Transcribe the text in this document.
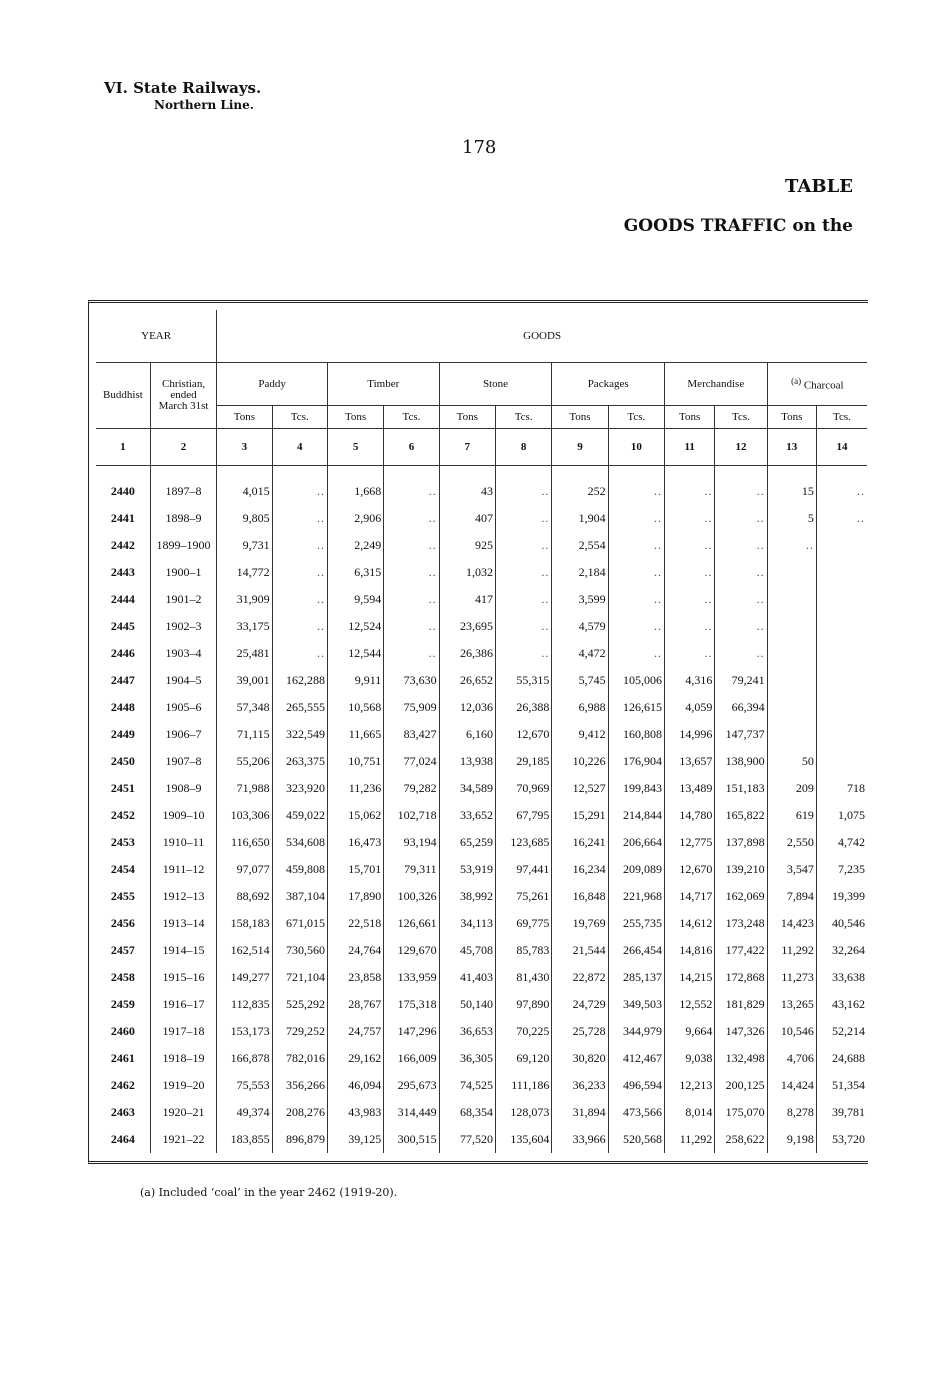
VI. State Railways.
Northern Line.
178
TABLE
GOODS TRAFFIC on the
YEAR		GOODS											
Buddhist	Christian, ended March 31st	Paddy		Timber		Stone		Packages		Merchandise		$^{(a)}$ Charcoal	
		Tons	Tcs.	Tons	Tcs.	Tons	Tcs.	Tons	Tcs.	Tons	Tcs.	Tons	Tcs.
1	2	3	4	5	6	7	8	9	10	11	12	13	14

2440	1897–8	4,015	..	1,668	..	43	..	252	..	..	..	15	..
2441	1898–9	9,805	..	2,906	..	407	..	1,904	..	..	..	5	..
2442	1899–1900	9,731	..	2,249	..	925	..	2,554	..	..	..	..	
2443	1900–1	14,772	..	6,315	..	1,032	..	2,184	..	..	..		
2444	1901–2	31,909	..	9,594	..	417	..	3,599	..	..	..		
2445	1902–3	33,175	..	12,524	..	23,695	..	4,579	..	..	..		
2446	1903–4	25,481	..	12,544	..	26,386	..	4,472	..	..	..		
2447	1904–5	39,001	162,288	9,911	73,630	26,652	55,315	5,745	105,006	4,316	79,241		
2448	1905–6	57,348	265,555	10,568	75,909	12,036	26,388	6,988	126,615	4,059	66,394		
2449	1906–7	71,115	322,549	11,665	83,427	6,160	12,670	9,412	160,808	14,996	147,737		
2450	1907–8	55,206	263,375	10,751	77,024	13,938	29,185	10,226	176,904	13,657	138,900	50	
2451	1908–9	71,988	323,920	11,236	79,282	34,589	70,969	12,527	199,843	13,489	151,183	209	718
2452	1909–10	103,306	459,022	15,062	102,718	33,652	67,795	15,291	214,844	14,780	165,822	619	1,075
2453	1910–11	116,650	534,608	16,473	93,194	65,259	123,685	16,241	206,664	12,775	137,898	2,550	4,742
2454	1911–12	97,077	459,808	15,701	79,311	53,919	97,441	16,234	209,089	12,670	139,210	3,547	7,235
2455	1912–13	88,692	387,104	17,890	100,326	38,992	75,261	16,848	221,968	14,717	162,069	7,894	19,399
2456	1913–14	158,183	671,015	22,518	126,661	34,113	69,775	19,769	255,735	14,612	173,248	14,423	40,546
2457	1914–15	162,514	730,560	24,764	129,670	45,708	85,783	21,544	266,454	14,816	177,422	11,292	32,264
2458	1915–16	149,277	721,104	23,858	133,959	41,403	81,430	22,872	285,137	14,215	172,868	11,273	33,638
2459	1916–17	112,835	525,292	28,767	175,318	50,140	97,890	24,729	349,503	12,552	181,829	13,265	43,162
2460	1917–18	153,173	729,252	24,757	147,296	36,653	70,225	25,728	344,979	9,664	147,326	10,546	52,214
2461	1918–19	166,878	782,016	29,162	166,009	36,305	69,120	30,820	412,467	9,038	132,498	4,706	24,688
2462	1919–20	75,553	356,266	46,094	295,673	74,525	111,186	36,233	496,594	12,213	200,125	14,424	51,354
2463	1920–21	49,374	208,276	43,983	314,449	68,354	128,073	31,894	473,566	8,014	175,070	8,278	39,781
2464	1921–22	183,855	896,879	39,125	300,515	77,520	135,604	33,966	520,568	11,292	258,622	9,198	53,720
(a) Included ‘coal’ in the year 2462 (1919-20).
